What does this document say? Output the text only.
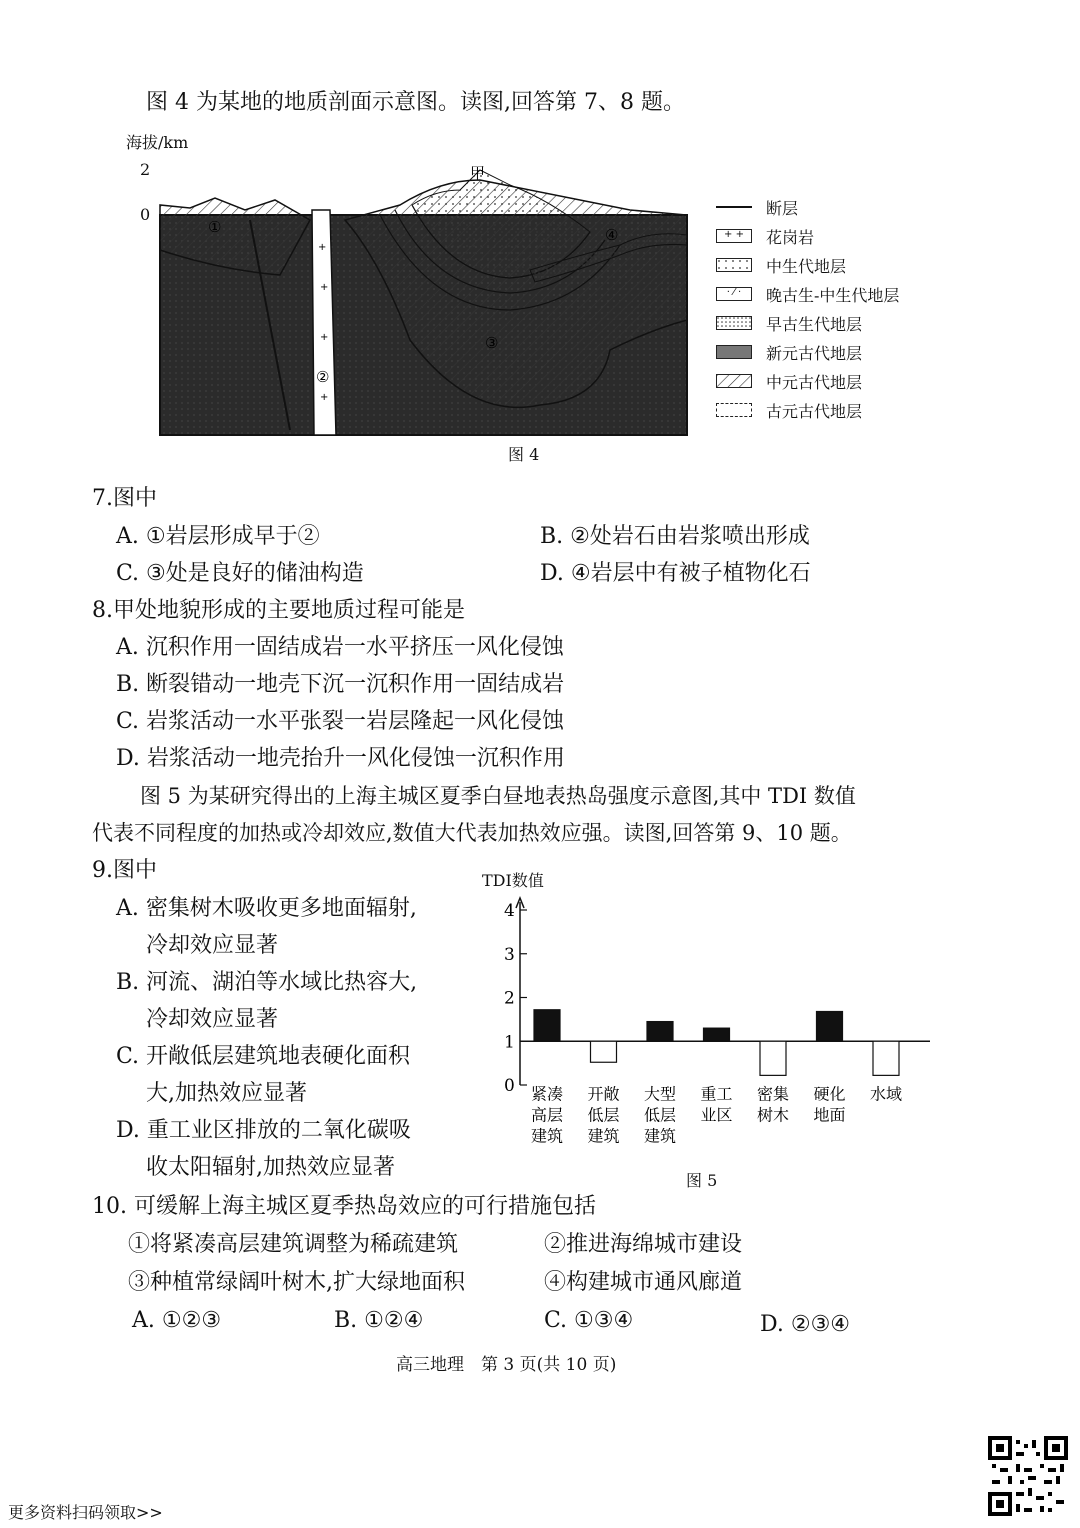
图 4 为某地的地质剖面示意图。读图,回答第 7、8 题。
海拔/km
2
0
+
+
+
+
①
②
③
④
甲
断层
+ +	花岗岩
中生代地层
‧ ⁄ ‧	晚古生-中生代地层
早古生代地层
新元古代地层
中元古代地层
古元古代地层
图 4
7.图中
A. ①岩层形成早于②	B. ②处岩石由岩浆喷出形成
C. ③处是良好的储油构造	D. ④岩层中有被子植物化石
8.甲处地貌形成的主要地质过程可能是
A. 沉积作用一固结成岩一水平挤压一风化侵蚀
B. 断裂错动一地壳下沉一沉积作用一固结成岩
C. 岩浆活动一水平张裂一岩层隆起一风化侵蚀
D. 岩浆活动一地壳抬升一风化侵蚀一沉积作用
图 5 为某研究得出的上海主城区夏季白昼地表热岛强度示意图,其中 TDI 数值
代表不同程度的加热或冷却效应,数值大代表加热效应强。读图,回答第 9、10 题。
9.图中
A. 密集树木吸收更多地面辐射,
冷却效应显著
B. 河流、湖泊等水域比热容大,
冷却效应显著
C. 开敞低层建筑地表硬化面积
大,加热效应显著
D. 重工业区排放的二氧化碳吸
收太阳辐射,加热效应显著
TDI数值
0
1
2
3
4
紧凑
高层
建筑
开敞
低层
建筑
大型
低层
建筑
重工
业区
密集
树木
硬化
地面
水域
图 5
10. 可缓解上海主城区夏季热岛效应的可行措施包括
①将紧凑高层建筑调整为稀疏建筑	②推进海绵城市建设
③种植常绿阔叶树木,扩大绿地面积	④构建城市通风廊道
A. ①②③	B. ①②④	C. ①③④	D. ②③④
高三地理　第 3 页(共 10 页)
更多资料扫码领取>>
